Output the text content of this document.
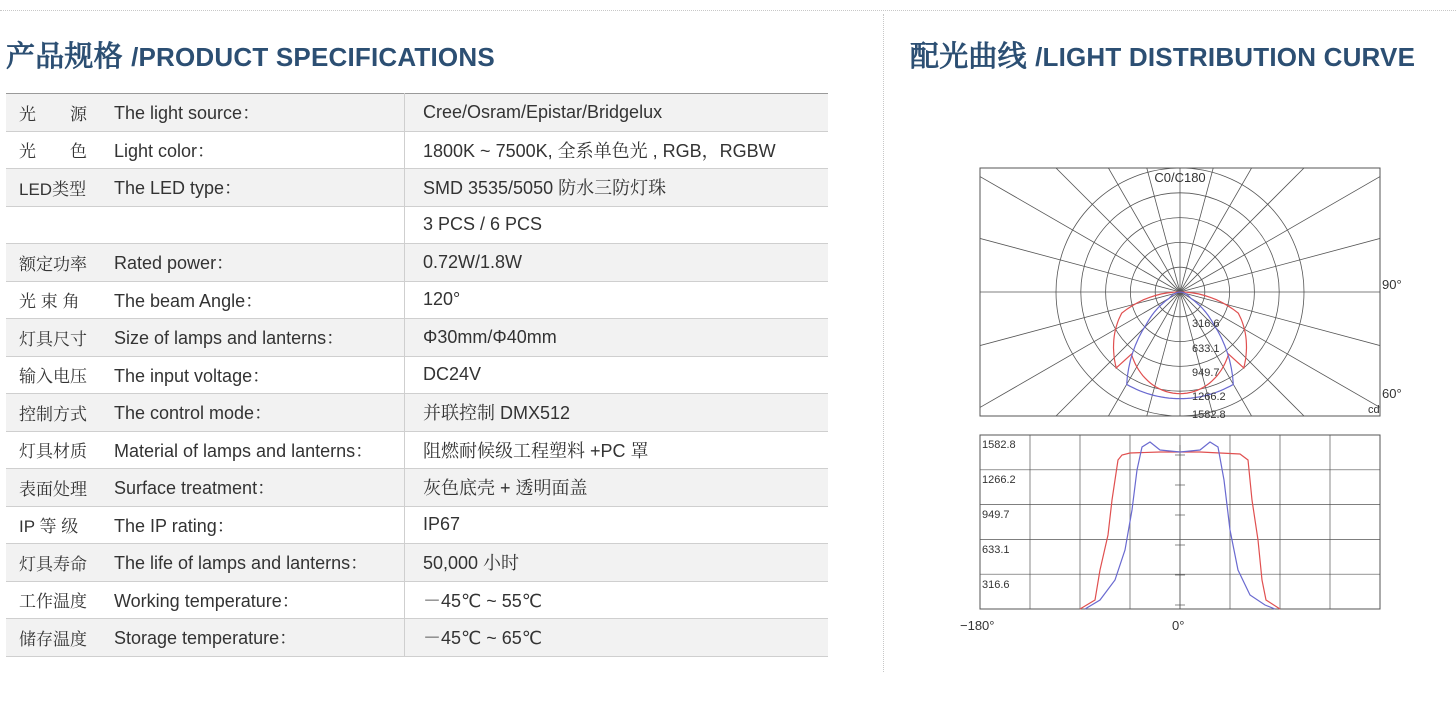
产品规格 /PRODUCT SPECIFICATIONS	配光曲线 /LIGHT DISTRIBUTION CURVE
光　　源	The light source：	Cree/Osram/Epistar/Bridgelux
光　　色	Light color：	1800K ~ 7500K, 全系单色光 , RGB，RGBW
LED类型	The LED type：	SMD 3535/5050 防水三防灯珠
		3 PCS / 6 PCS
额定功率	Rated power：	0.72W/1.8W
光 束 角	The beam Angle：	120°
灯具尺寸	Size of lamps and lanterns：	Φ30mm/Φ40mm
输入电压	The input voltage：	DC24V
控制方式	The control mode：	并联控制 DMX512
灯具材质	Material of lamps and lanterns：	阻燃耐候级工程塑料 +PC 罩
表面处理	Surface treatment：	灰色底壳 + 透明面盖
IP 等 级	The IP rating：	IP67
灯具寿命	The life of lamps and lanterns：	50,000 小时
工作温度	Working temperature：	－45℃ ~ 55℃
储存温度	Storage temperature：	－45℃ ~ 65℃
C0/C180
316.6
633.1
949.7
1266.2
1582.8
90°
60°
cd
1582.8
1266.2
949.7
633.1
316.6
−180°	0°
